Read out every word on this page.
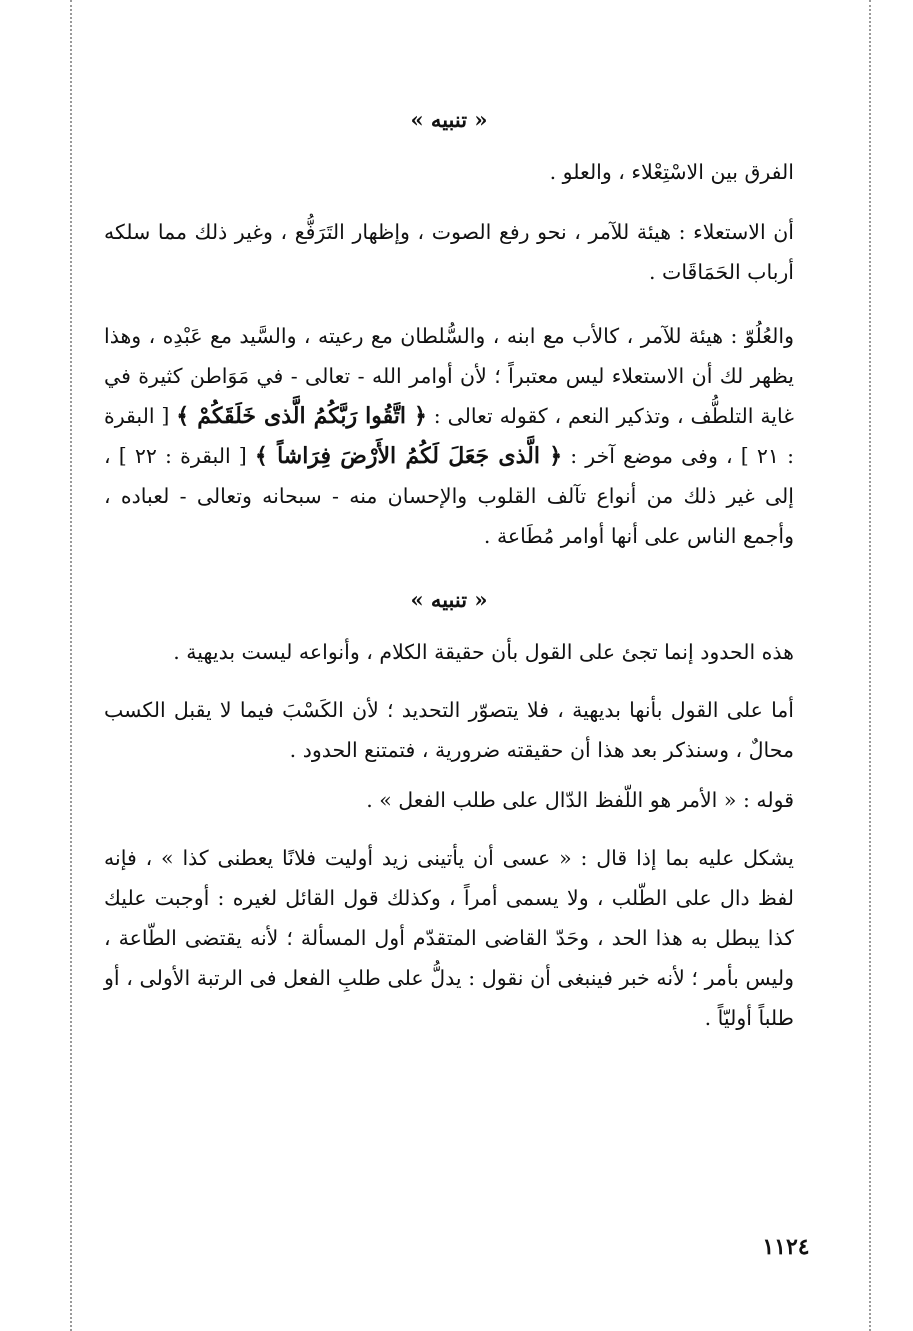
« تنبيه »

الفرق بين الاسْتِعْلاء ، والعلو .

أن الاستعلاء : هيئة للآمر ، نحو رفع الصوت ، وإظهار التَرَفُّع ، وغير ذلك مما سلكه أرباب الحَمَاقَات .

والعُلُوّ : هيئة للآمر ، كالأب مع ابنه ، والسُّلطان مع رعيته ، والسَّيد مع عَبْدِه ، وهذا يظهر لك أن الاستعلاء ليس معتبراً ؛ لأن أوامر الله - تعالى - في مَوَاطن كثيرة في غاية التلطُّف ، وتذكير النعم ، كقوله تعالى : ﴿ اتَّقُوا رَبَّكُمُ الَّذى خَلَقَكُمْ ﴾ [ البقرة : ٢١ ] ، وفى موضع آخر : ﴿ الَّذى جَعَلَ لَكُمُ الأَرْضَ فِرَاشاً ﴾ [ البقرة : ٢٢ ] ، إلى غير ذلك من أنواع تآلف القلوب والإحسان منه - سبحانه وتعالى - لعباده ، وأجمع الناس على أنها أوامر مُطَاعة .

« تنبيه »

هذه الحدود إنما تجئ على القول بأن حقيقة الكلام ، وأنواعه ليست بديهية .

أما على القول بأنها بديهية ، فلا يتصوّر التحديد ؛ لأن الكَسْبَ فيما لا يقبل الكسب محالٌ ، وسنذكر بعد هذا أن حقيقته ضرورية ، فتمتنع الحدود .

قوله : « الأمر هو اللّفظ الدّال على طلب الفعل » .

يشكل عليه بما إذا قال : « عسى أن يأتينى زيد أوليت فلانًا يعطنى كذا » ، فإنه لفظ دال على الطّلب ، ولا يسمى أمراً ، وكذلك قول القائل لغيره : أوجبت عليك كذا يبطل به هذا الحد ، وحَدّ القاضى المتقدّم أول المسألة ؛ لأنه يقتضى الطّاعة ، وليس بأمر ؛ لأنه خبر فينبغى أن نقول : يدلُّ على طلبِ الفعل فى الرتبة الأولى ، أو طلباً أوليّاً .

١١٢٤
